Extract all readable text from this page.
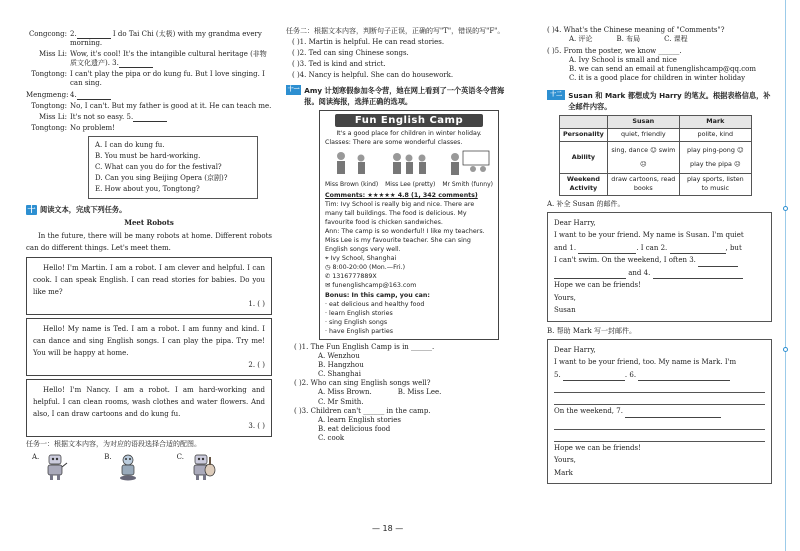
Congcong: 2.	I do Tai Chi (太极) with my grandma every morning.
Miss Li: Wow, it's cool! It's the intangible cultural heritage (非物质文化遗产). 3.
Tongtong: I can't play the pipa or do kung fu. But I love singing. I can sing.
Mengmeng: 4.
Tongtong: No, I can't. But my father is good at it. He can teach me.
Miss Li: It's not so easy. 5.
Tongtong: No problem!
A. I can do kung fu.
B. You must be hard-working.
C. What can you do for the festival?
D. Can you sing Beijing Opera (京剧)?
E. How about you, Tongtong?
十 阅读文本，完成下列任务。
Meet Robots
In the future, there will be many robots at home. Different robots can do different things. Let's meet them.
Hello! I'm Martin. I am a robot. I am clever and helpful. I can cook. I can speak English. I can read stories for babies. Do you like me?
1. ( )
Hello! My name is Ted. I am a robot. I am funny and kind. I can dance and sing English songs. I can play the pipa. Try me! You will be happy at home.
2. ( )
Hello! I'm Nancy. I am a robot. I am hard-working and helpful. I can clean rooms, wash clothes and water flowers. And also, I can draw cartoons and do kung fu.
3. ( )
任务一：根据文本内容，为对应的语段选择合适的配图。
A.	B.	C.
任务二：根据文本内容，判断句子正误，正确的写"T"，错误的写"F"。
( )1. Martin is helpful. He can read stories.
( )2. Ted can sing Chinese songs.
( )3. Ted is kind and strict.
( )4. Nancy is helpful. She can do housework.
十一 Amy 计划寒假参加冬令营，她在网上看到了一个英语冬令营海报。阅读海报，选择正确的选项。
Fun English Camp
It's a good place for children in winter holiday.
Classes: There are some wonderful classes.
Miss Brown (kind) Miss Lee (pretty) Mr Smith (funny)
Comments: ★★★★★ 4.8 (1, 342 comments)
Tim: Ivy School is really big and nice. There are many tall buildings. The food is delicious. My favourite food is chicken sandwiches.
Ann: The camp is so wonderful! I like my teachers. Miss Lee is my favourite teacher. She can sing English songs very well.
⌖ Ivy School, Shanghai
◷ 8:00-20:00 (Mon.—Fri.)
✆ 1316777889X
✉ funenglishcamp@163.com
Bonus: In this camp, you can:
· eat delicious and healthy food
· learn English stories
· sing English songs
· have English parties
( )1. The Fun English Camp is in ______.
A. Wenzhou
B. Hangzhou
C. Shanghai
( )2. Who can sing English songs well?
A. Miss Brown.	B. Miss Lee.
C. Mr Smith.
( )3. Children can't ______ in the camp.
A. learn English stories
B. eat delicious food
C. cook
( )4. What's the Chinese meaning of "Comments"?
A. 评论	B. 布局	C. 课程
( )5. From the poster, we know ______.
A. Ivy School is small and nice
B. we can send an email at funenglishcamp@qq.com
C. it is a good place for children in winter holiday
十二 Susan 和 Mark 都想成为 Harry 的笔友。根据表格信息，补全邮件内容。
	Susan	Mark
Personality	quiet, friendly	polite, kind
Ability	sing, dance ☺ swim ☹	play ping-pong ☺ play the pipa ☹
Weekend Activity	draw cartoons, read books	play sports, listen to music
A. 补全 Susan 的邮件。
Dear Harry,
I want to be your friend. My name is Susan. I'm quiet
and 1.	. I can 2.	, but
I can't swim. On the weekend, I often 3.
and 4.
Hope we can be friends!
Yours,
Susan
B. 帮助 Mark 写一封邮件。
Dear Harry,
I want to be your friend, too. My name is Mark. I'm
5.	. 6.
On the weekend, 7.
Hope we can be friends!
Yours,
Mark
— 18 —
